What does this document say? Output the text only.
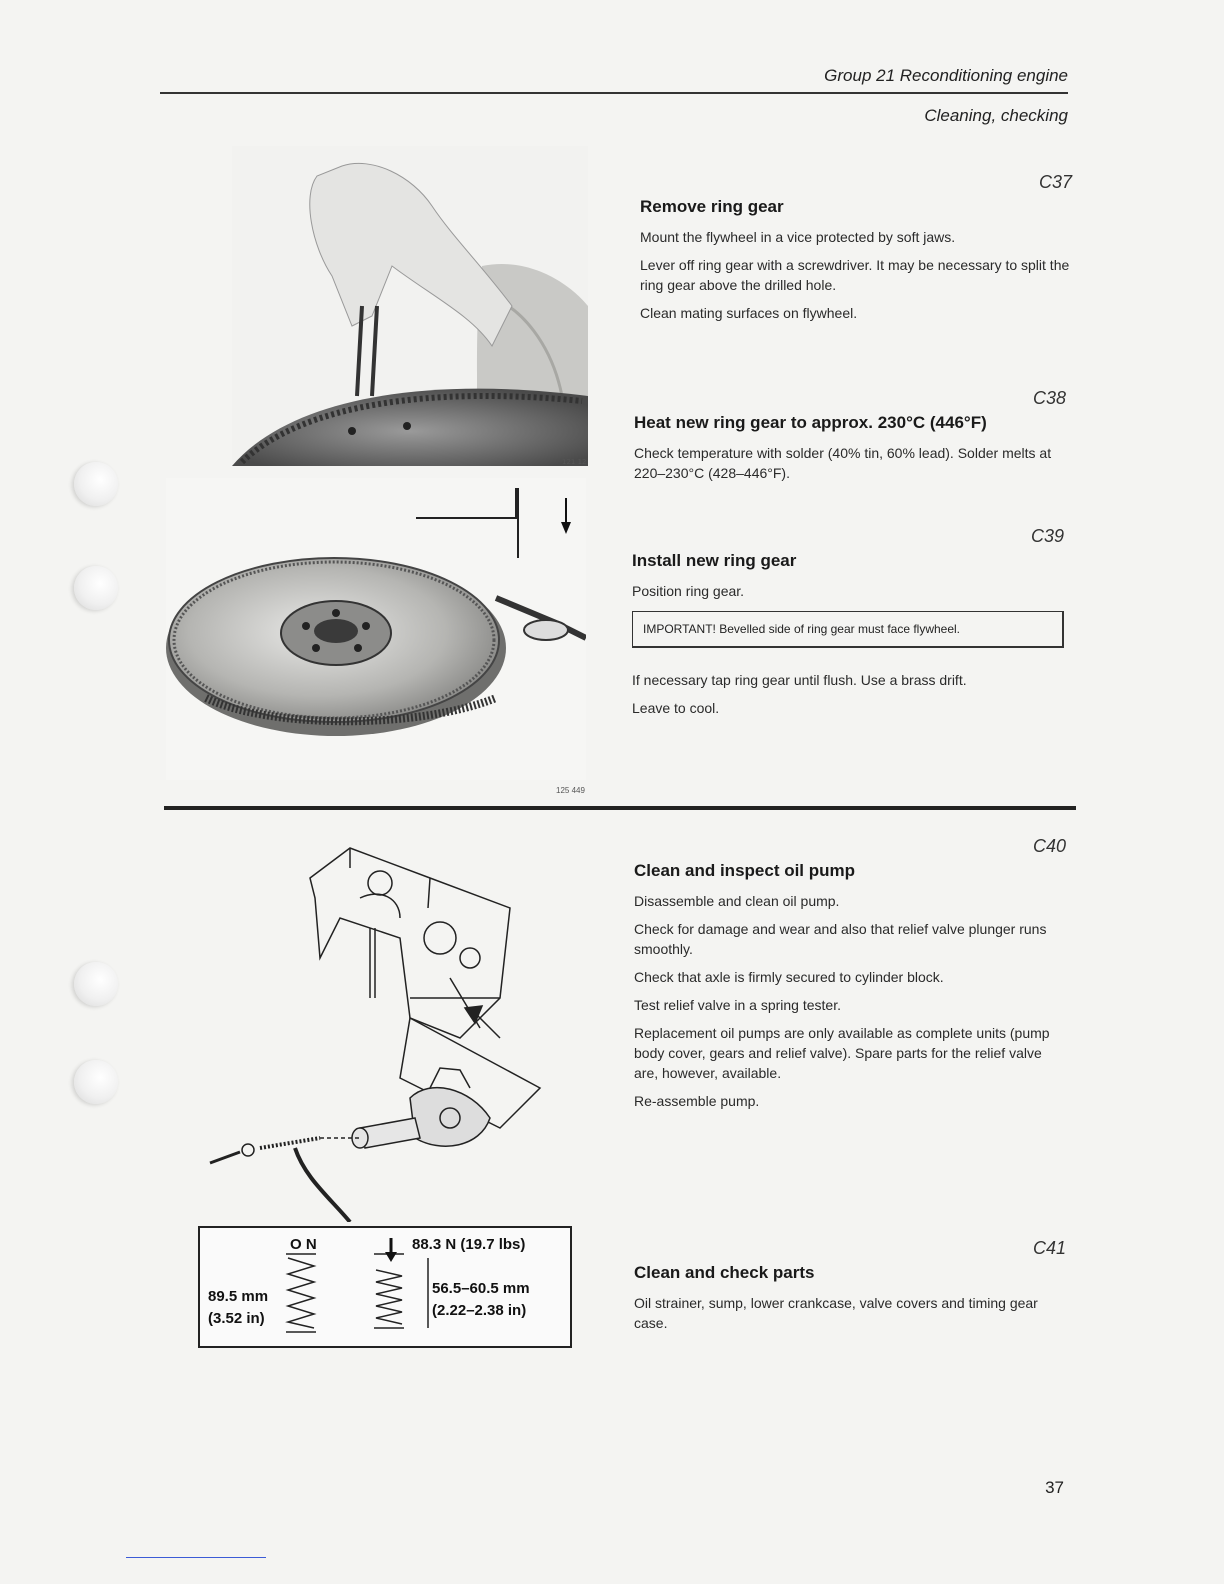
Group 21 Reconditioning engine
Cleaning, checking
121 12
125 449
C37
Remove ring gear

Mount the flywheel in a vice protected by soft jaws.

Lever off ring gear with a screwdriver. It may be necessary to split the ring gear above the drilled hole.

Clean mating surfaces on flywheel.

C38
Heat new ring gear to approx. 230°C (446°F)

Check temperature with solder (40% tin, 60% lead). Solder melts at 220–230°C (428–446°F).

C39
Install new ring gear

Position ring gear.

IMPORTANT! Bevelled side of ring gear must face flywheel.

If necessary tap ring gear until flush. Use a brass drift.

Leave to cool.

O N	88.3 N (19.7 lbs)
89.5 mm
(3.52 in)
56.5–60.5 mm
(2.22–2.38 in)
C40
Clean and inspect oil pump

Disassemble and clean oil pump.

Check for damage and wear and also that relief valve plunger runs smoothly.

Check that axle is firmly secured to cylinder block.

Test relief valve in a spring tester.

Replacement oil pumps are only available as complete units (pump body cover, gears and relief valve). Spare parts for the relief valve are, however, available.

Re-assemble pump.

C41
Clean and check parts

Oil strainer, sump, lower crankcase, valve covers and timing gear case.

37
